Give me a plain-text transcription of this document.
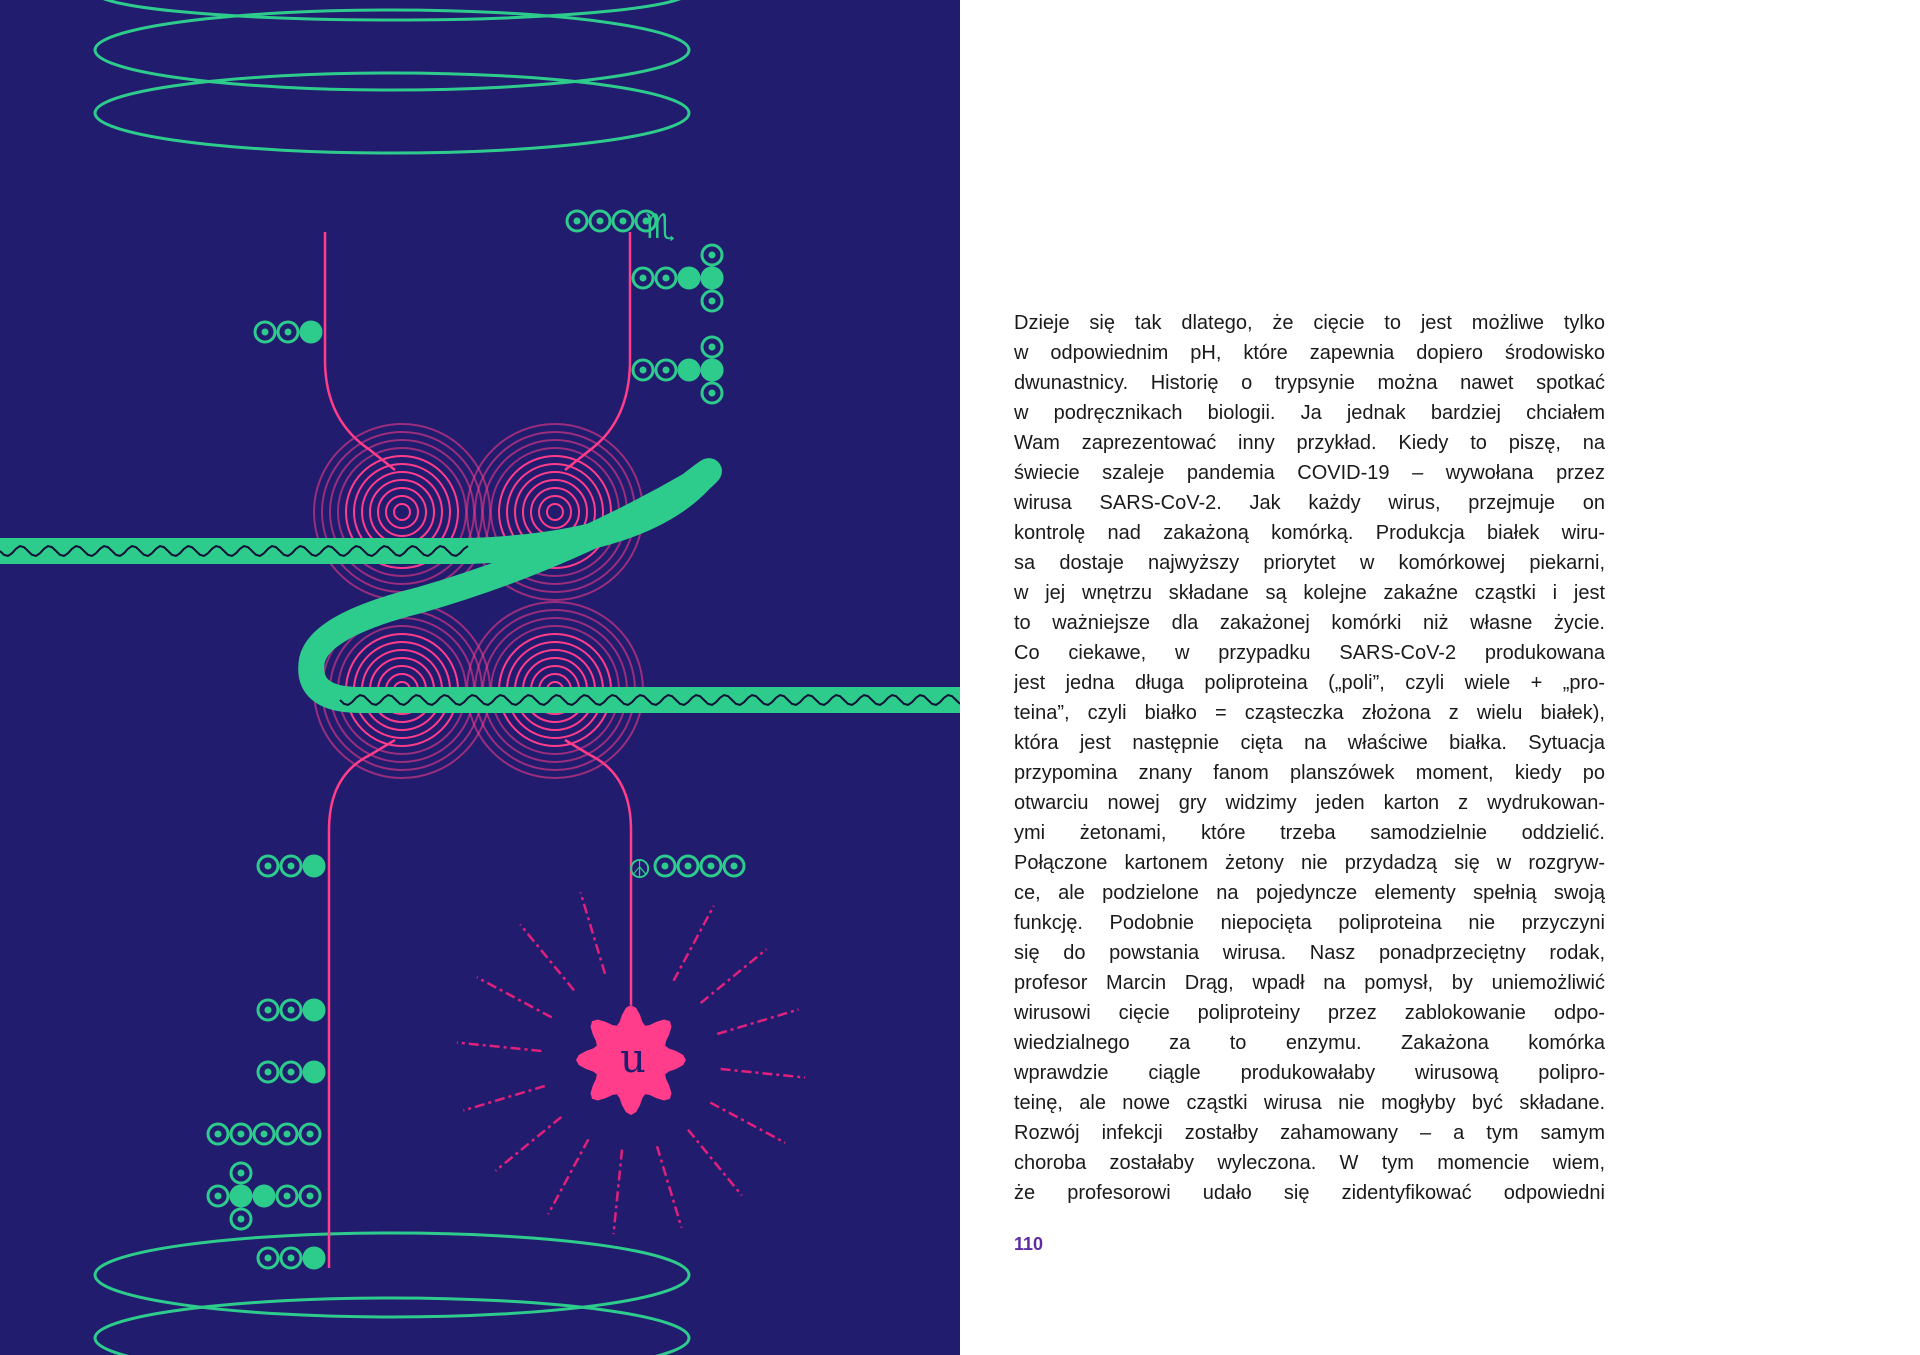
♏
☮
u
Dzieje się tak dlatego, że cięcie to jest możliwe tylko
w odpowiednim pH, które zapewnia dopiero środowisko
dwunastnicy. Historię o trypsynie można nawet spotkać
w podręcznikach biologii. Ja jednak bardziej chciałem
Wam zaprezentować inny przykład. Kiedy to piszę, na
świecie szaleje pandemia COVID-19 – wywołana przez
wirusa SARS-CoV-2. Jak każdy wirus, przejmuje on
kontrolę nad zakażoną komórką. Produkcja białek wiru-
sa dostaje najwyższy priorytet w komórkowej piekarni,
w jej wnętrzu składane są kolejne zakaźne cząstki i jest
to ważniejsze dla zakażonej komórki niż własne życie.
Co ciekawe, w przypadku SARS-CoV-2 produkowana
jest jedna długa poliproteina („poli”, czyli wiele + „pro-
teina”, czyli białko = cząsteczka złożona z wielu białek),
która jest następnie cięta na właściwe białka. Sytuacja
przypomina znany fanom planszówek moment, kiedy po
otwarciu nowej gry widzimy jeden karton z wydrukowan-
ymi żetonami, które trzeba samodzielnie oddzielić.
Połączone kartonem żetony nie przydadzą się w rozgryw-
ce, ale podzielone na pojedyncze elementy spełnią swoją
funkcję. Podobnie niepocięta poliproteina nie przyczyni
się do powstania wirusa. Nasz ponadprzeciętny rodak,
profesor Marcin Drąg, wpadł na pomysł, by uniemożliwić
wirusowi cięcie poliproteiny przez zablokowanie odpo-
wiedzialnego za to enzymu. Zakażona komórka
wprawdzie ciągle produkowałaby wirusową polipro-
teinę, ale nowe cząstki wirusa nie mogłyby być składane.
Rozwój infekcji zostałby zahamowany – a tym samym
choroba zostałaby wyleczona. W tym momencie wiem,
że profesorowi udało się zidentyfikować odpowiedni
110
